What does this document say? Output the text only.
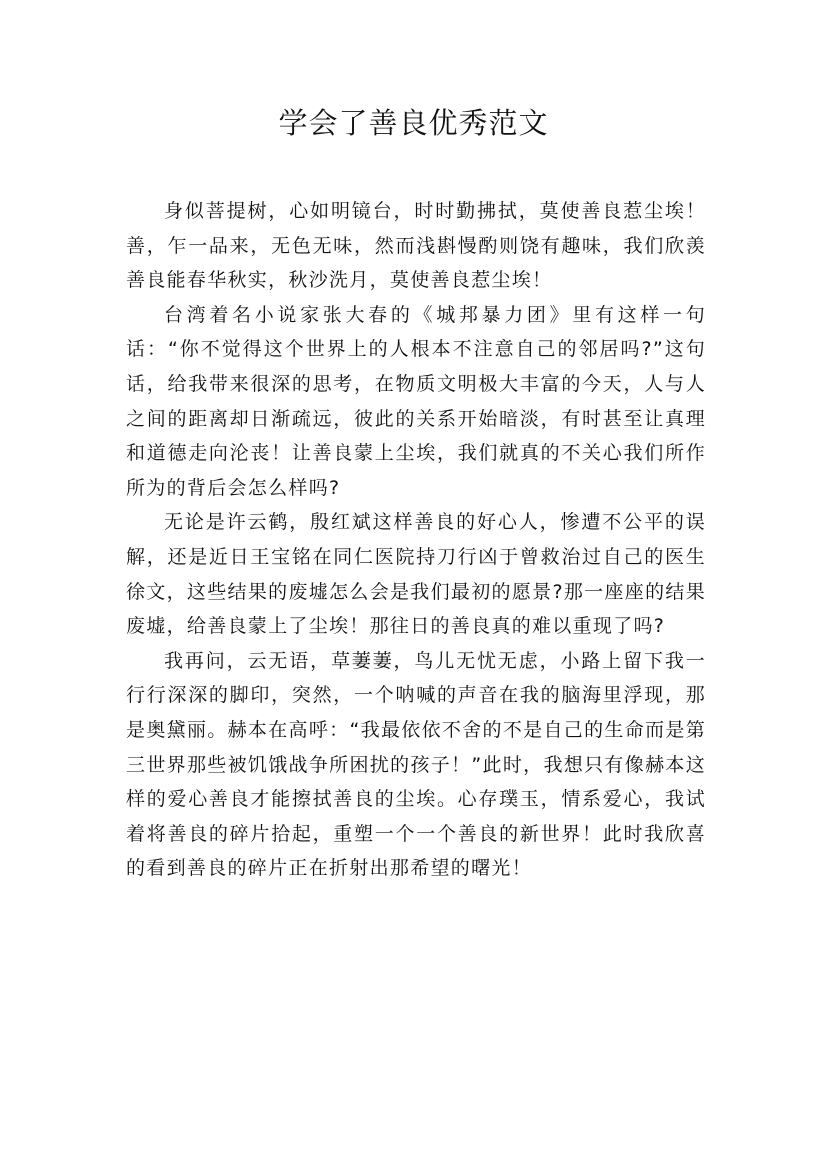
学会了善良优秀范文

身似菩提树，心如明镜台，时时勤拂拭，莫使善良惹尘埃！善，乍一品来，无色无味，然而浅斟慢酌则饶有趣味，我们欣羡善良能春华秋实，秋沙洗月，莫使善良惹尘埃！

台湾着名小说家张大春的《城邦暴力团》里有这样一句话：“你不觉得这个世界上的人根本不注意自己的邻居吗?”这句话，给我带来很深的思考，在物质文明极大丰富的今天，人与人之间的距离却日渐疏远，彼此的关系开始暗淡，有时甚至让真理和道德走向沦丧！让善良蒙上尘埃，我们就真的不关心我们所作所为的背后会怎么样吗?

无论是许云鹤，殷红斌这样善良的好心人，惨遭不公平的误解，还是近日王宝铭在同仁医院持刀行凶于曾救治过自己的医生徐文，这些结果的废墟怎么会是我们最初的愿景?那一座座的结果废墟，给善良蒙上了尘埃！那往日的善良真的难以重现了吗?

我再问，云无语，草萋萋，鸟儿无忧无虑，小路上留下我一行行深深的脚印，突然，一个呐喊的声音在我的脑海里浮现，那是奥黛丽。赫本在高呼：“我最依依不舍的不是自己的生命而是第三世界那些被饥饿战争所困扰的孩子！”此时，我想只有像赫本这样的爱心善良才能擦拭善良的尘埃。心存璞玉，情系爱心，我试着将善良的碎片拾起，重塑一个一个善良的新世界！此时我欣喜的看到善良的碎片正在折射出那希望的曙光！
